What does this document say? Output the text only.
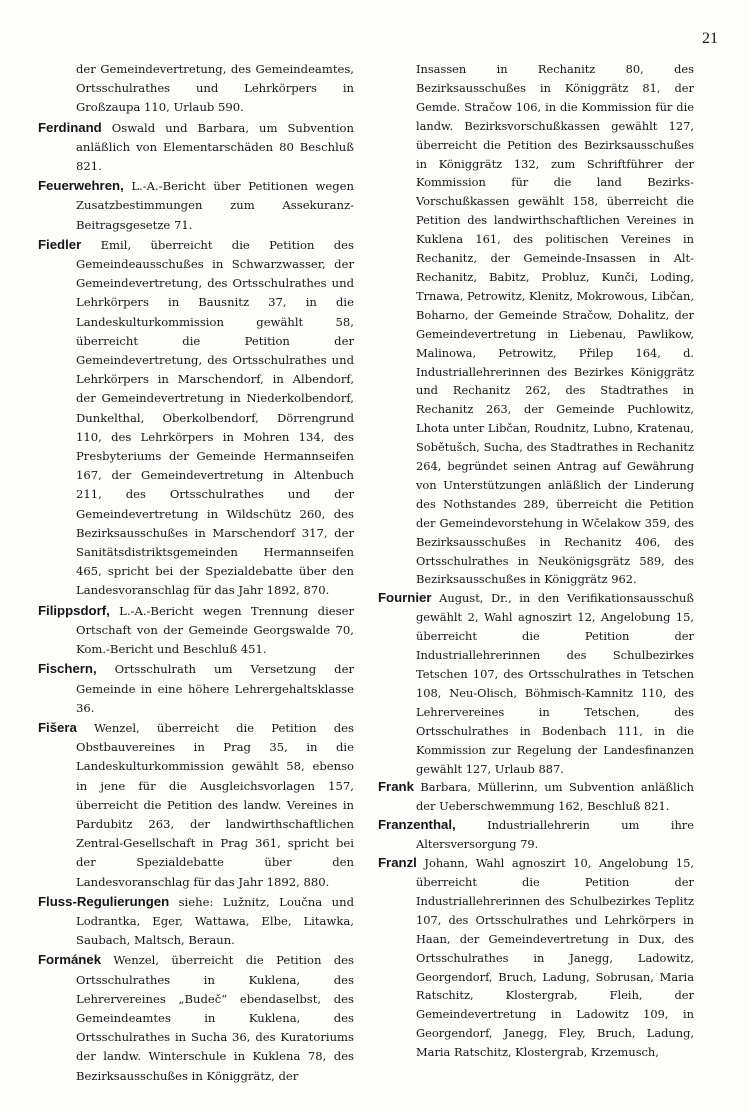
21

der Gemeindevertretung, des Gemeindeamtes, Ortsschulrathes und Lehrkörpers in Großzaupa 110, Urlaub 590.

Ferdinand Oswald und Barbara, um Subvention anläßlich von Elementarschäden 80 Beschluß 821.

Feuerwehren, L.-A.-Bericht über Petitionen wegen Zusatzbestimmungen zum Assekuranz-Beitragsgesetze 71.

Fiedler Emil, überreicht die Petition des Gemeindeausschußes in Schwarzwasser, der Gemeindevertretung, des Ortsschulrathes und Lehrkörpers in Bausnitz 37, in die Landeskulturkommission gewählt 58, überreicht die Petition der Gemeindevertretung, des Ortsschulrathes und Lehrkörpers in Marschendorf, in Albendorf, der Gemeindevertretung in Niederkolbendorf, Dunkelthal, Oberkolbendorf, Dörrengrund 110, des Lehrkörpers in Mohren 134, des Presbyteriums der Gemeinde Hermannseifen 167, der Gemeindevertretung in Altenbuch 211, des Ortsschulrathes und der Gemeindevertretung in Wildschütz 260, des Bezirksausschußes in Marschendorf 317, der Sanitätsdistriktsgemeinden Hermannseifen 465, spricht bei der Spezialdebatte über den Landesvoranschlag für das Jahr 1892, 870.

Filippsdorf, L.-A.-Bericht wegen Trennung dieser Ortschaft von der Gemeinde Georgswalde 70, Kom.-Bericht und Beschluß 451.

Fischern, Ortsschulrath um Versetzung der Gemeinde in eine höhere Lehrergehaltsklasse 36.

Fišera Wenzel, überreicht die Petition des Obstbauvereines in Prag 35, in die Landeskulturkommission gewählt 58, ebenso in jene für die Ausgleichsvorlagen 157, überreicht die Petition des landw. Vereines in Pardubitz 263, der landwirthschaftlichen Zentral-Gesellschaft in Prag 361, spricht bei der Spezialdebatte über den Landesvoranschlag für das Jahr 1892, 880.

Fluss-Regulierungen siehe: Lužnitz, Loučna und Lodrantka, Eger, Wattawa, Elbe, Litawka, Saubach, Maltsch, Beraun.

Formánek Wenzel, überreicht die Petition des Ortsschulrathes in Kuklena, des Lehrervereines „Budeč“ ebendaselbst, des Gemeindeamtes in Kuklena, des Ortsschulrathes in Sucha 36, des Kuratoriums der landw. Winterschule in Kuklena 78, des Bezirksausschußes in Königgrätz, der

Insassen in Rechanitz 80, des Bezirksausschußes in Königgrätz 81, der Gemde. Stračow 106, in die Kommission für die landw. Bezirksvorschußkassen gewählt 127, überreicht die Petition des Bezirksausschußes in Königgrätz 132, zum Schriftführer der Kommission für die land Bezirks-Vorschußkassen gewählt 158, überreicht die Petition des landwirthschaftlichen Vereines in Kuklena 161, des politischen Vereines in Rechanitz, der Gemeinde-Insassen in Alt-Rechanitz, Babitz, Probluz, Kunči, Loding, Trnawa, Petrowitz, Klenitz, Mokrowous, Libčan, Boharno, der Gemeinde Stračow, Dohalitz, der Gemeindevertretung in Liebenau, Pawlikow, Malinowa, Petrowitz, Přilep 164, d. Industriallehrerinnen des Bezirkes Königgrätz und Rechanitz 262, des Stadtrathes in Rechanitz 263, der Gemeinde Puchlowitz, Lhota unter Libčan, Roudnitz, Lubno, Kratenau, Sobětušch, Sucha, des Stadtrathes in Rechanitz 264, begründet seinen Antrag auf Gewährung von Unterstützungen anläßlich der Linderung des Nothstandes 289, überreicht die Petition der Gemeindevorstehung in Wčelakow 359, des Bezirksausschußes in Rechanitz 406, des Ortsschulrathes in Neukönigsgrätz 589, des Bezirksausschußes in Königgrätz 962.

Fournier August, Dr., in den Verifikationsausschuß gewählt 2, Wahl agnoszirt 12, Angelobung 15, überreicht die Petition der Industriallehrerinnen des Schulbezirkes Tetschen 107, des Ortsschulrathes in Tetschen 108, Neu-Olisch, Böhmisch-Kamnitz 110, des Lehrervereines in Tetschen, des Ortsschulrathes in Bodenbach 111, in die Kommission zur Regelung der Landesfinanzen gewählt 127, Urlaub 887.

Frank Barbara, Müllerinn, um Subvention anläßlich der Ueberschwemmung 162, Beschluß 821.

Franzenthal,	Industriallehrerin um ihre Altersversorgung 79.

Franzl Johann, Wahl agnoszirt 10, Angelobung 15, überreicht die Petition der Industriallehrerinnen des Schulbezirkes Teplitz 107, des Ortsschulrathes und Lehrkörpers in Haan, der Gemeindevertretung in Dux, des Ortsschulrathes in Janegg, Ladowitz, Georgendorf, Bruch, Ladung, Sobrusan, Maria Ratschitz, Klostergrab, Fleih, der Gemeindevertretung in Ladowitz 109, in Georgendorf, Janegg, Fley, Bruch, Ladung, Maria Ratschitz, Klostergrab, Krzemusch,
